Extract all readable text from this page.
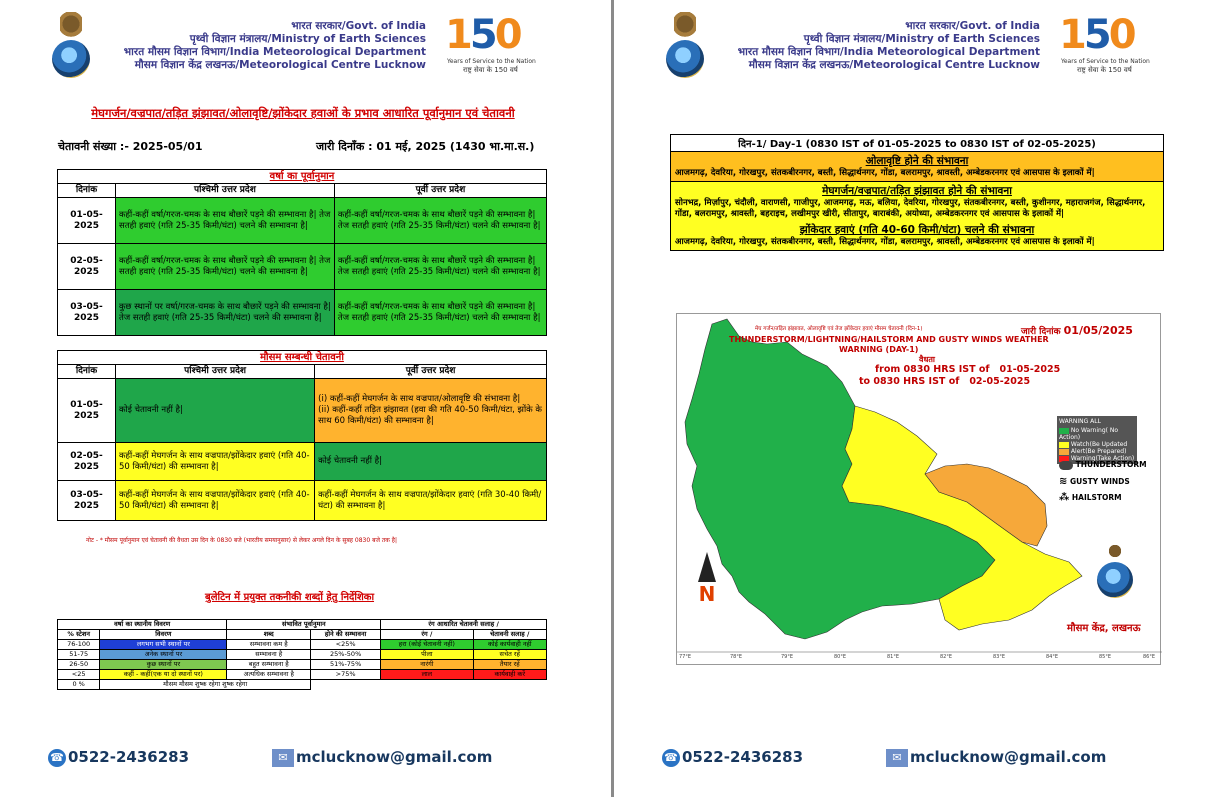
भारत सरकार/Govt. of India
पृथ्वी विज्ञान मंत्रालय/Ministry of Earth Sciences
भारत मौसम विज्ञान विभाग/India Meteorological Department
मौसम विज्ञान केंद्र लखनऊ/Meteorological Centre Lucknow
150
Years of Service to the Nation
राष्ट्र सेवा के 150 वर्ष
मेघगर्जन/वज्रपात/तड़ित झंझावत/ओलावृष्टि/झोंकेदार हवाओं के प्रभाव आधारित पूर्वानुमान एवं चेतावनी
चेतावनी संख्या :- 2025-05/01	जारी दिनाँक : 01 मई, 2025 (1430 भा.मा.स.)
वर्षा का पूर्वानुमान		
दिनांक	पश्चिमी उत्तर प्रदेश	पूर्वी उत्तर प्रदेश
01-05-2025	कहीं-कहीं वर्षा/गरज-चमक के साथ बौछारें पड़ने की सम्भावना है| तेज सतही हवाएं (गति 25-35 किमी/घंटा) चलने की सम्भावना है|	कहीं-कहीं वर्षा/गरज-चमक के साथ बौछारें पड़ने की सम्भावना है| तेज सतही हवाएं (गति 25-35 किमी/घंटा) चलने की सम्भावना है|
02-05-2025	कहीं-कहीं वर्षा/गरज-चमक के साथ बौछारें पड़ने की सम्भावना है| तेज सतही हवाएं (गति 25-35 किमी/घंटा) चलने की सम्भावना है|	कहीं-कहीं वर्षा/गरज-चमक के साथ बौछारें पड़ने की सम्भावना है| तेज सतही हवाएं (गति 25-35 किमी/घंटा) चलने की सम्भावना है|
03-05-2025	कुछ स्थानों पर वर्षा/गरज-चमक के साथ बौछारें पड़ने की सम्भावना है| तेज सतही हवाएं (गति 25-35 किमी/घंटा) चलने की सम्भावना है|	कहीं-कहीं वर्षा/गरज-चमक के साथ बौछारें पड़ने की सम्भावना है| तेज सतही हवाएं (गति 25-35 किमी/घंटा) चलने की सम्भावना है|
मौसम सम्बन्धी चेतावनी		
दिनांक	पश्चिमी उत्तर प्रदेश	पूर्वी उत्तर प्रदेश
01-05-2025	कोई चेतावनी नहीं है|	(i) कहीं-कहीं मेघगर्जन के साथ वज्रपात/ओलावृष्टि की संभावना है|
(ii) कहीं-कहीं तड़ित झंझावत (हवा की गति 40-50 किमी/घंटा, झोंके के साथ 60 किमी/घंटा) की सम्भावना है|

02-05-2025	कहीं-कहीं मेघगर्जन के साथ वज्रपात/झोंकेदार हवाएं (गति 40-50 किमी/घंटा) की सम्भावना है|	कोई चेतावनी नहीं है|
03-05-2025	कहीं-कहीं मेघगर्जन के साथ वज्रपात/झोंकेदार हवाएं (गति 40-50 किमी/घंटा) की सम्भावना है|	कहीं-कहीं मेघगर्जन के साथ वज्रपात/झोंकेदार हवाएं (गति 30-40 किमी/घंटा) की सम्भावना है|
नोट - * मौसम पूर्वानुमान एवं चेतावनी की वैधता उस दिन के 0830 बजे (भारतीय समयानुसार) से लेकर अगले दिन के सुबह 0830 बजे तक है|
बुलेटिन में प्रयुक्त तकनीकी शब्दों हेतु निर्देशिका
वर्षा का स्थानीय विवरण		संभावित पूर्वानुमान		रंग आधारित चेतावनी सलाह /	
% स्टेशन	विवरण	शब्द	होने की सम्भावना	रंग /	चेतावनी सलाह /
76-100	लगभग सभी स्थानों पर	सम्भावना कम है	<25%	हरा (कोई चेतावनी नहीं)	कोई कार्यवाही नहीं
51-75	अनेक स्थानों पर	सम्भावना है	25%-50%	पीला	सचेत रहें
26-50	कुछ स्थानों पर	बहुत सम्भावना है	51%-75%	नारंगी	तैयार रहें
<25	कहीं - कहीं(एक या दो स्थानों पर)	अत्यधिक सम्भावना है	>75%	लाल	कार्यवाही करें
0 %	मौसम मौसम शुष्क रहेगा शुष्क रहेगा				
☎ 0522-2436283	✉ mclucknow@gmail.com
भारत सरकार/Govt. of India
पृथ्वी विज्ञान मंत्रालय/Ministry of Earth Sciences
भारत मौसम विज्ञान विभाग/India Meteorological Department
मौसम विज्ञान केंद्र लखनऊ/Meteorological Centre Lucknow
150
Years of Service to the Nation
राष्ट्र सेवा के 150 वर्ष
दिन-1/ Day-1 (0830 IST of 01-05-2025 to 0830 IST of 02-05-2025)
ओलावृष्टि होने की संभावना

आजमगढ़, देवरिया, गोरखपुर, संतकबीरनगर, बस्ती, सिद्धार्थनगर, गोंडा, बलरामपुर, श्रावस्ती, अम्बेडकरनगर एवं आसपास के इलाकों में|

मेघगर्जन/वज्रपात/तड़ित झंझावत होने की संभावना

सोनभद्र, मिर्ज़ापुर, चंदौली, वाराणसी, गाजीपुर, आजमगढ़, मऊ, बलिया, देवरिया, गोरखपुर, संतकबीरनगर, बस्ती, कुशीनगर, महाराजगंज, सिद्धार्थनगर, गोंडा, बलरामपुर, श्रावस्ती, बहराइच, लखीमपुर खीरी, सीतापुर, बाराबंकी, अयोध्या, अम्बेडकरनगर एवं आसपास के इलाकों में|

झोंकेदार हवाएं (गति 40-60 किमी/घंटा) चलने की संभावना

आजमगढ़, देवरिया, गोरखपुर, संतकबीरनगर, बस्ती, सिद्धार्थनगर, गोंडा, बलरामपुर, श्रावस्ती, अम्बेडकरनगर एवं आसपास के इलाकों में|

मेघ गर्जन/तड़ित झंझावत, ओलावृष्टि एवं तेज झोंकेदार हवाएं मौसम चेतावनी (दिन-1)	जारी दिनांक 01/05/2025
THUNDERSTORM/LIGHTNING/HAILSTORM AND GUSTY WINDS WEATHER
WARNING (DAY-1)
वैधता
from 0830 HRS IST of 01-05-2025
to 0830 HRS IST of 02-05-2025
WARNING ALL
No Warning( No Action)
Watch(Be Updated
Alert(Be Prepared)
Warning(Take Action)
THUNDERSTORM
≋ GUSTY WINDS
⁂ HAILSTORM
N
मौसम केंद्र, लखनऊ
77°E	78°E	79°E	80°E	81°E	82°E	83°E	84°E	85°E	86°E
☎ 0522-2436283	✉ mclucknow@gmail.com
